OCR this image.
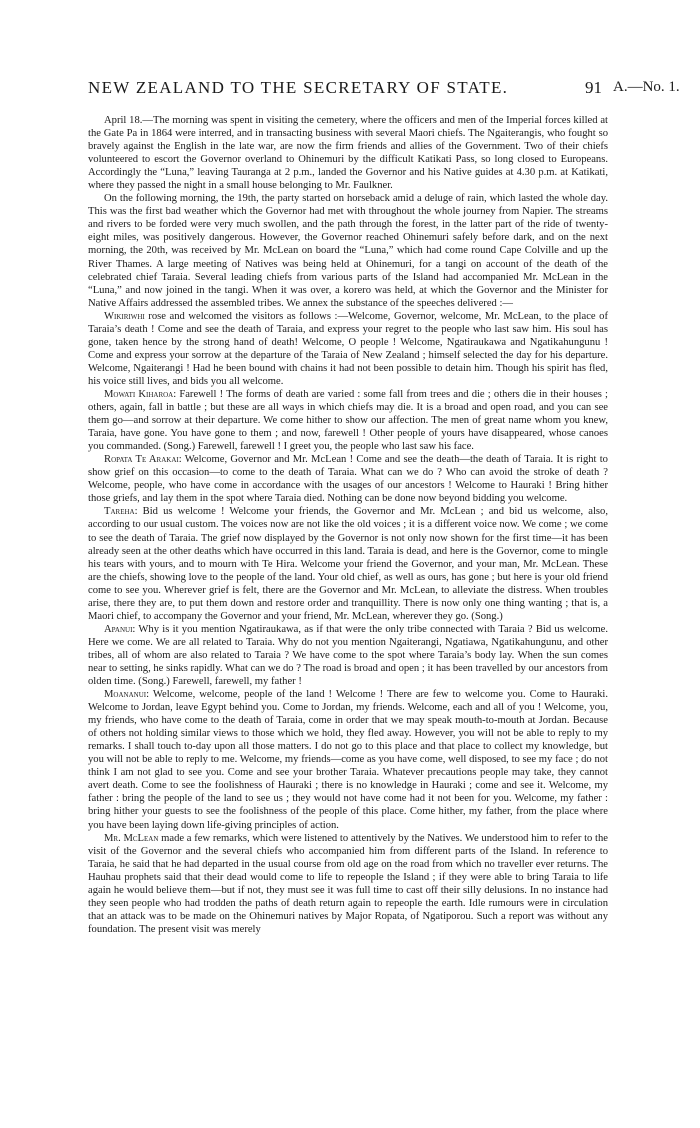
NEW ZEALAND TO THE SECRETARY OF STATE.	91 A.—No. 1.

April 18.—The morning was spent in visiting the cemetery, where the officers and men of the Imperial forces killed at the Gate Pa in 1864 were interred, and in transacting business with several Maori chiefs. The Ngaiterangis, who fought so bravely against the English in the late war, are now the firm friends and allies of the Government. Two of their chiefs volunteered to escort the Governor overland to Ohinemuri by the difficult Katikati Pass, so long closed to Europeans. Accordingly the “Luna,” leaving Tauranga at 2 p.m., landed the Governor and his Native guides at 4.30 p.m. at Katikati, where they passed the night in a small house belonging to Mr. Faulkner.

On the following morning, the 19th, the party started on horseback amid a deluge of rain, which lasted the whole day. This was the first bad weather which the Governor had met with throughout the whole journey from Napier. The streams and rivers to be forded were very much swollen, and the path through the forest, in the latter part of the ride of twenty-eight miles, was positively dangerous. However, the Governor reached Ohinemuri safely before dark, and on the next morning, the 20th, was received by Mr. McLean on board the “Luna,” which had come round Cape Colville and up the River Thames. A large meeting of Natives was being held at Ohinemuri, for a tangi on account of the death of the celebrated chief Taraia. Several leading chiefs from various parts of the Island had accompanied Mr. McLean in the “Luna,” and now joined in the tangi. When it was over, a korero was held, at which the Governor and the Minister for Native Affairs addressed the assembled tribes. We annex the substance of the speeches delivered :—

Wikiriwhi rose and welcomed the visitors as follows :—Welcome, Governor, welcome, Mr. McLean, to the place of Taraia’s death ! Come and see the death of Taraia, and express your regret to the people who last saw him. His soul has gone, taken hence by the strong hand of death! Welcome, O people ! Welcome, Ngatiraukawa and Ngatikahungunu ! Come and express your sorrow at the departure of the Taraia of New Zealand ; himself selected the day for his departure. Welcome, Ngaiterangi ! Had he been bound with chains it had not been possible to detain him. Though his spirit has fled, his voice still lives, and bids you all welcome.

Mowati Kiharoa: Farewell ! The forms of death are varied : some fall from trees and die ; others die in their houses ; others, again, fall in battle ; but these are all ways in which chiefs may die. It is a broad and open road, and you can see them go—and sorrow at their departure. We come hither to show our affection. The men of great name whom you knew, Taraia, have gone. You have gone to them ; and now, farewell ! Other people of yours have disappeared, whose canoes you commanded. (Song.) Farewell, farewell ! I greet you, the people who last saw his face.

Ropata Te Arakai: Welcome, Governor and Mr. McLean ! Come and see the death—the death of Taraia. It is right to show grief on this occasion—to come to the death of Taraia. What can we do ? Who can avoid the stroke of death ? Welcome, people, who have come in accordance with the usages of our ancestors ! Welcome to Hauraki ! Bring hither those griefs, and lay them in the spot where Taraia died. Nothing can be done now beyond bidding you welcome.

Tareha: Bid us welcome ! Welcome your friends, the Governor and Mr. McLean ; and bid us welcome, also, according to our usual custom. The voices now are not like the old voices ; it is a different voice now. We come ; we come to see the death of Taraia. The grief now displayed by the Governor is not only now shown for the first time—it has been already seen at the other deaths which have occurred in this land. Taraia is dead, and here is the Governor, come to mingle his tears with yours, and to mourn with Te Hira. Welcome your friend the Governor, and your man, Mr. McLean. These are the chiefs, showing love to the people of the land. Your old chief, as well as ours, has gone ; but here is your old friend come to see you. Wherever grief is felt, there are the Governor and Mr. McLean, to alleviate the distress. When troubles arise, there they are, to put them down and restore order and tranquillity. There is now only one thing wanting ; that is, a Maori chief, to accompany the Governor and your friend, Mr. McLean, wherever they go. (Song.)

Apanui: Why is it you mention Ngatiraukawa, as if that were the only tribe connected with Taraia ? Bid us welcome. Here we come. We are all related to Taraia. Why do not you mention Ngaiterangi, Ngatiawa, Ngatikahungunu, and other tribes, all of whom are also related to Taraia ? We have come to the spot where Taraia’s body lay. When the sun comes near to setting, he sinks rapidly. What can we do ? The road is broad and open ; it has been travelled by our ancestors from olden time. (Song.) Farewell, farewell, my father !

Moananui: Welcome, welcome, people of the land ! Welcome ! There are few to welcome you. Come to Hauraki. Welcome to Jordan, leave Egypt behind you. Come to Jordan, my friends. Welcome, each and all of you ! Welcome, you, my friends, who have come to the death of Taraia, come in order that we may speak mouth-to-mouth at Jordan. Because of others not holding similar views to those which we hold, they fled away. However, you will not be able to reply to my remarks. I shall touch to-day upon all those matters. I do not go to this place and that place to collect my knowledge, but you will not be able to reply to me. Welcome, my friends—come as you have come, well disposed, to see my face ; do not think I am not glad to see you. Come and see your brother Taraia. Whatever precautions people may take, they cannot avert death. Come to see the foolishness of Hauraki ; there is no knowledge in Hauraki ; come and see it. Welcome, my father : bring the people of the land to see us ; they would not have come had it not been for you. Welcome, my father : bring hither your guests to see the foolishness of the people of this place. Come hither, my father, from the place where you have been laying down life-giving principles of action.

Mr. McLean made a few remarks, which were listened to attentively by the Natives. We understood him to refer to the visit of the Governor and the several chiefs who accompanied him from different parts of the Island. In reference to Taraia, he said that he had departed in the usual course from old age on the road from which no traveller ever returns. The Hauhau prophets said that their dead would come to life to repeople the Island ; if they were able to bring Taraia to life again he would believe them—but if not, they must see it was full time to cast off their silly delusions. In no instance had they seen people who had trodden the paths of death return again to repeople the earth. Idle rumours were in circulation that an attack was to be made on the Ohinemuri natives by Major Ropata, of Ngatiporou. Such a report was without any foundation. The present visit was merely
